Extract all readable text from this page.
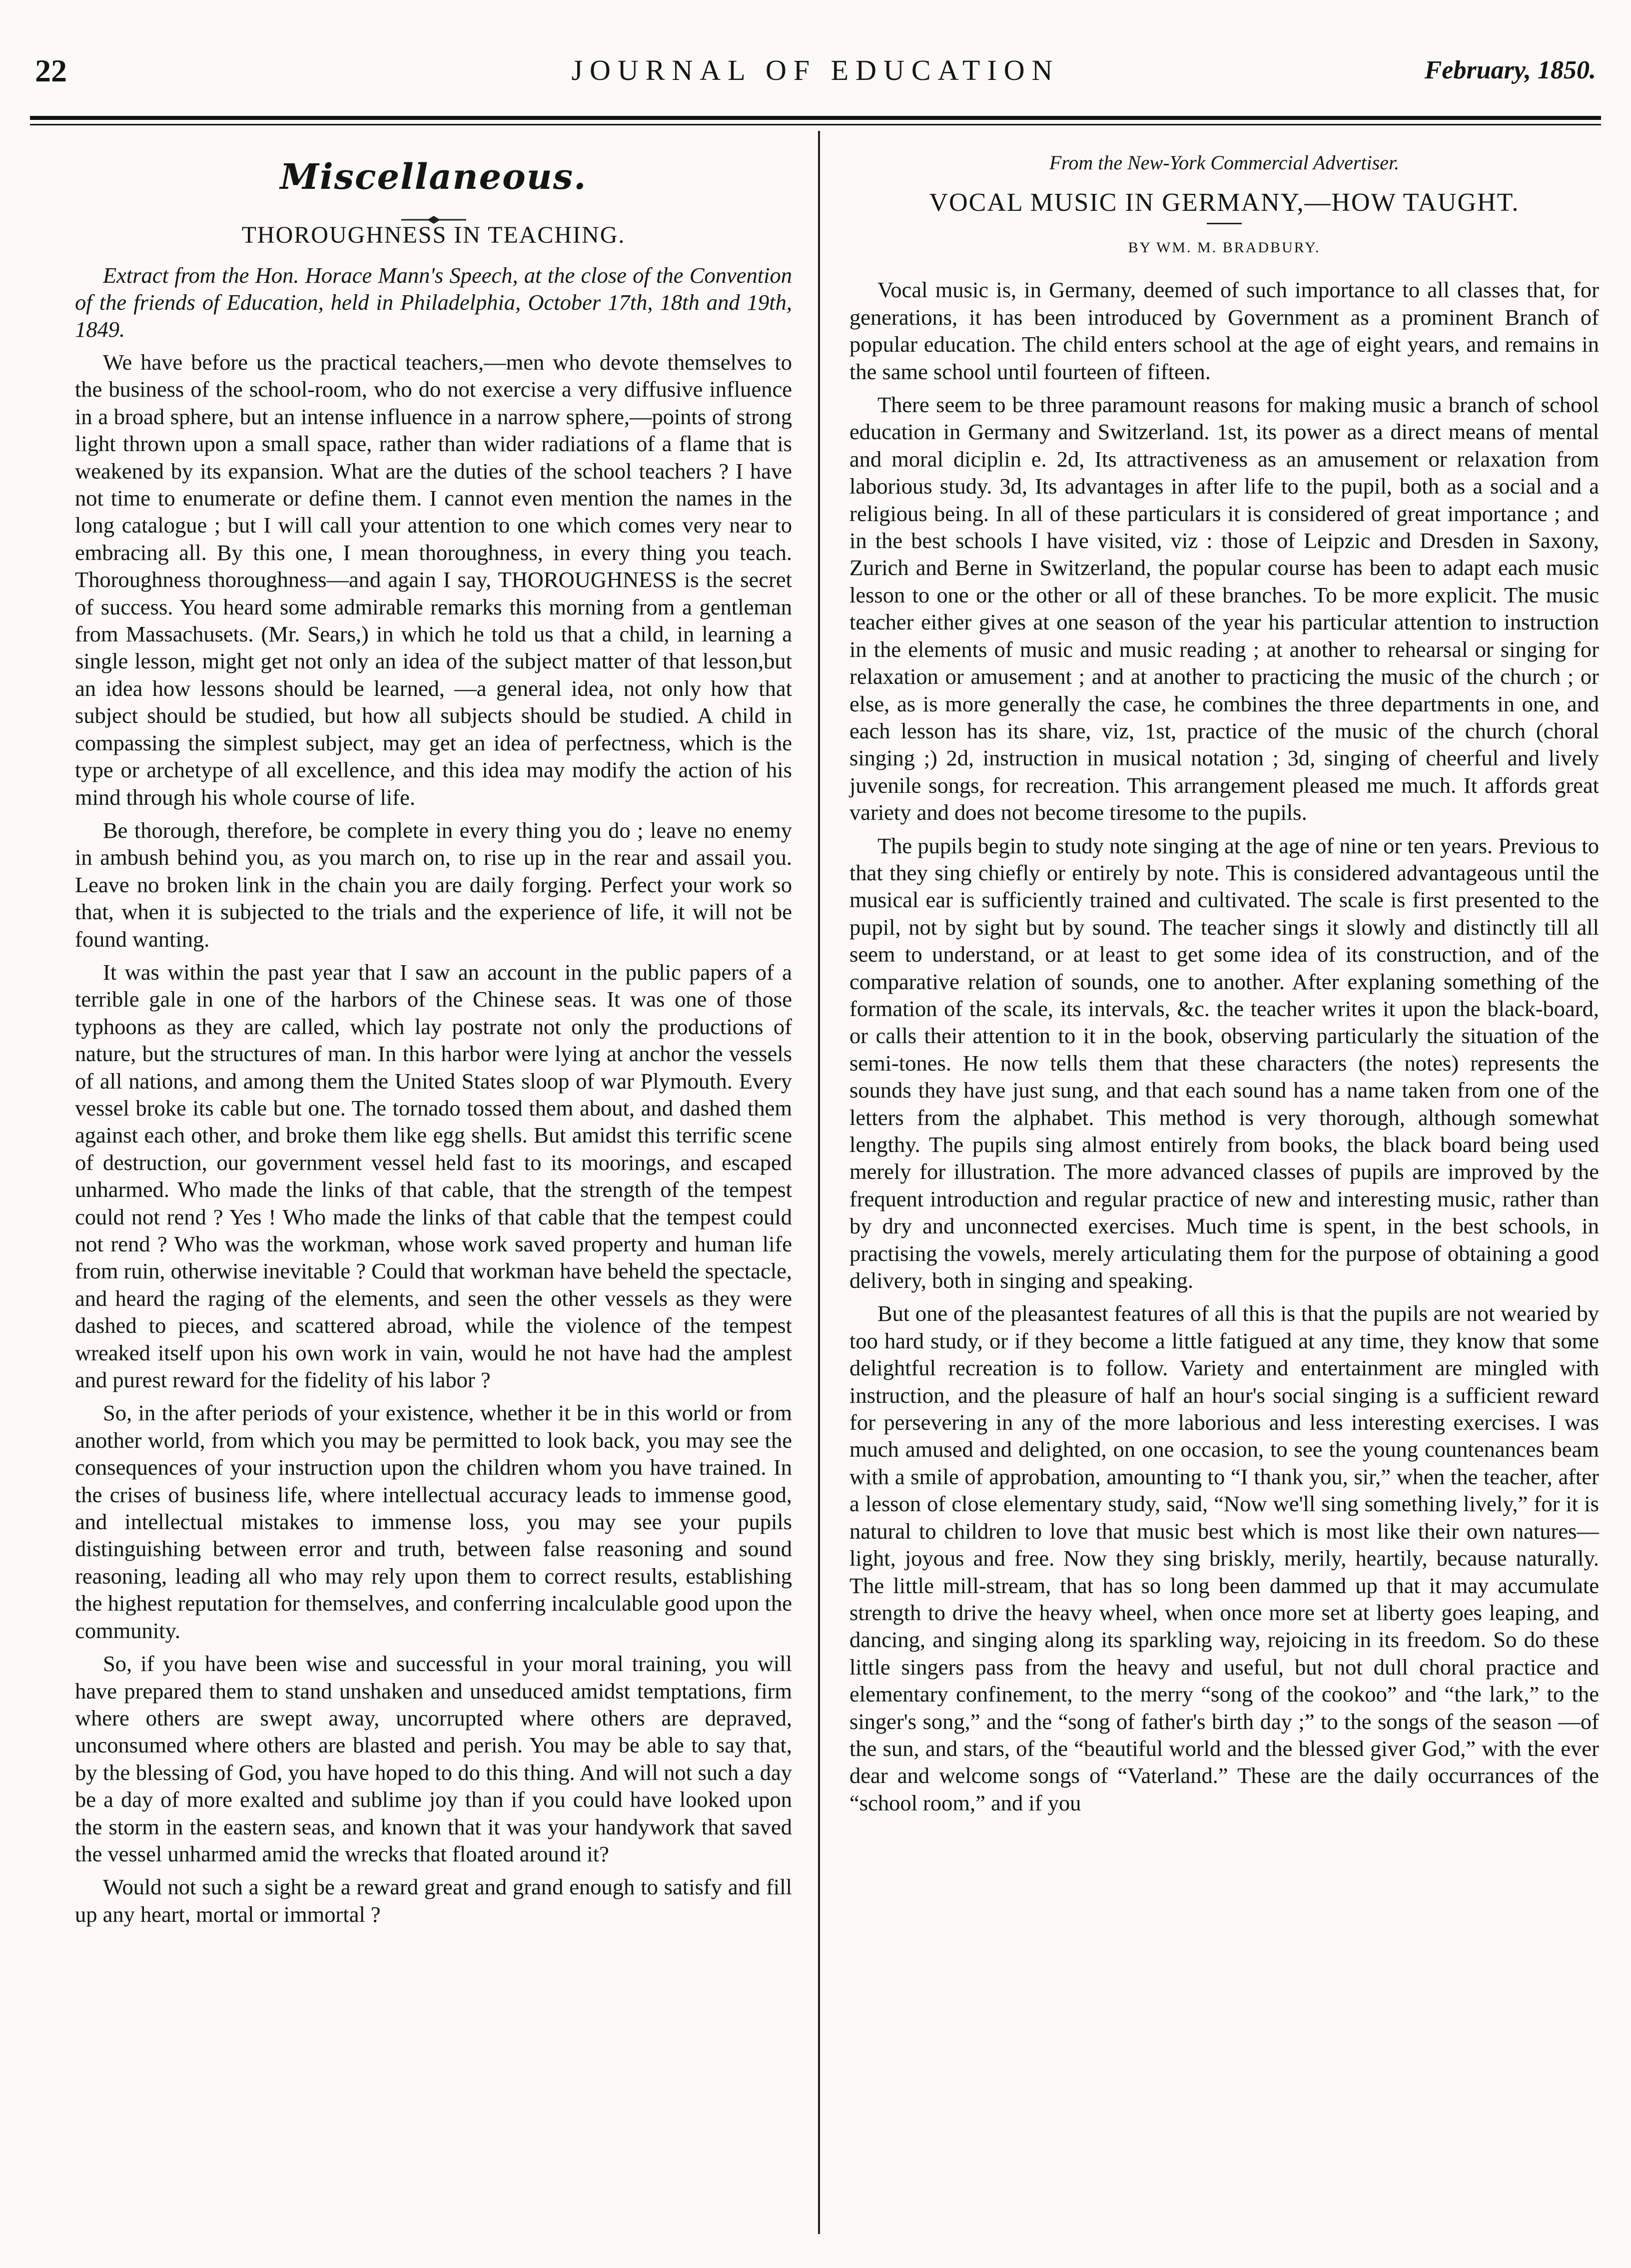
22	JOURNAL OF EDUCATION	February, 1850.
Miscellaneous.
THOROUGHNESS IN TEACHING.

Extract from the Hon. Horace Mann's Speech, at the close of the Convention of the friends of Education, held in Philadelphia, October 17th, 18th and 19th, 1849.

We have before us the practical teachers,—men who devote themselves to the business of the school-room, who do not exercise a very diffusive influence in a broad sphere, but an intense influence in a narrow sphere,—points of strong light thrown upon a small space, rather than wider radiations of a flame that is weakened by its expansion. What are the duties of the school teachers ? I have not time to enumerate or define them. I cannot even mention the names in the long catalogue ; but I will call your attention to one which comes very near to embracing all. By this one, I mean thoroughness, in every thing you teach. Thoroughness thoroughness—and again I say, THOROUGHNESS is the secret of success. You heard some admirable remarks this morning from a gentleman from Massachusets. (Mr. Sears,) in which he told us that a child, in learning a single lesson, might get not only an idea of the subject matter of that lesson,but an idea how lessons should be learned, —a general idea, not only how that subject should be studied, but how all subjects should be studied. A child in compassing the simplest subject, may get an idea of perfectness, which is the type or archetype of all excellence, and this idea may modify the action of his mind through his whole course of life.

Be thorough, therefore, be complete in every thing you do ; leave no enemy in ambush behind you, as you march on, to rise up in the rear and assail you. Leave no broken link in the chain you are daily forging. Perfect your work so that, when it is subjected to the trials and the experience of life, it will not be found wanting.

It was within the past year that I saw an account in the public papers of a terrible gale in one of the harbors of the Chinese seas. It was one of those typhoons as they are called, which lay postrate not only the productions of nature, but the structures of man. In this harbor were lying at anchor the vessels of all nations, and among them the United States sloop of war Plymouth. Every vessel broke its cable but one. The tornado tossed them about, and dashed them against each other, and broke them like egg shells. But amidst this terrific scene of destruction, our government vessel held fast to its moorings, and escaped unharmed. Who made the links of that cable, that the strength of the tempest could not rend ? Yes ! Who made the links of that cable that the tempest could not rend ? Who was the workman, whose work saved property and human life from ruin, otherwise inevitable ? Could that workman have beheld the spectacle, and heard the raging of the elements, and seen the other vessels as they were dashed to pieces, and scattered abroad, while the violence of the tempest wreaked itself upon his own work in vain, would he not have had the amplest and purest reward for the fidelity of his labor ?

So, in the after periods of your existence, whether it be in this world or from another world, from which you may be permitted to look back, you may see the consequences of your instruction upon the children whom you have trained. In the crises of business life, where intellectual accuracy leads to immense good, and intellectual mistakes to immense loss, you may see your pupils distinguishing between error and truth, between false reasoning and sound reasoning, leading all who may rely upon them to correct results, establishing the highest reputation for themselves, and conferring incalculable good upon the community.

So, if you have been wise and successful in your moral training, you will have prepared them to stand unshaken and unseduced amidst temptations, firm where others are swept away, uncorrupted where others are depraved, unconsumed where others are blasted and perish. You may be able to say that, by the blessing of God, you have hoped to do this thing. And will not such a day be a day of more exalted and sublime joy than if you could have looked upon the storm in the eastern seas, and known that it was your handywork that saved the vessel unharmed amid the wrecks that floated around it?

Would not such a sight be a reward great and grand enough to satisfy and fill up any heart, mortal or immortal ?

From the New-York Commercial Advertiser.
VOCAL MUSIC IN GERMANY,—HOW TAUGHT.
BY WM. M. BRADBURY.

Vocal music is, in Germany, deemed of such importance to all classes that, for generations, it has been introduced by Government as a prominent Branch of popular education. The child enters school at the age of eight years, and remains in the same school until fourteen of fifteen.

There seem to be three paramount reasons for making music a branch of school education in Germany and Switzerland. 1st, its power as a direct means of mental and moral diciplin e. 2d, Its attractiveness as an amusement or relaxation from laborious study. 3d, Its advantages in after life to the pupil, both as a social and a religious being. In all of these particulars it is considered of great importance ; and in the best schools I have visited, viz : those of Leipzic and Dresden in Saxony, Zurich and Berne in Switzerland, the popular course has been to adapt each music lesson to one or the other or all of these branches. To be more explicit. The music teacher either gives at one season of the year his particular attention to instruction in the elements of music and music reading ; at another to rehearsal or singing for relaxation or amusement ; and at another to practicing the music of the church ; or else, as is more generally the case, he combines the three departments in one, and each lesson has its share, viz, 1st, practice of the music of the church (choral singing ;) 2d, instruction in musical notation ; 3d, singing of cheerful and lively juvenile songs, for recreation. This arrangement pleased me much. It affords great variety and does not become tiresome to the pupils.

The pupils begin to study note singing at the age of nine or ten years. Previous to that they sing chiefly or entirely by note. This is considered advantageous until the musical ear is sufficiently trained and cultivated. The scale is first presented to the pupil, not by sight but by sound. The teacher sings it slowly and distinctly till all seem to understand, or at least to get some idea of its construction, and of the comparative relation of sounds, one to another. After explaning something of the formation of the scale, its intervals, &c. the teacher writes it upon the black-board, or calls their attention to it in the book, observing particularly the situation of the semi-tones. He now tells them that these characters (the notes) represents the sounds they have just sung, and that each sound has a name taken from one of the letters from the alphabet. This method is very thorough, although somewhat lengthy. The pupils sing almost entirely from books, the black board being used merely for illustration. The more advanced classes of pupils are improved by the frequent introduction and regular practice of new and interesting music, rather than by dry and unconnected exercises. Much time is spent, in the best schools, in practising the vowels, merely articulating them for the purpose of obtaining a good delivery, both in singing and speaking.

But one of the pleasantest features of all this is that the pupils are not wearied by too hard study, or if they become a little fatigued at any time, they know that some delightful recreation is to follow. Variety and entertainment are mingled with instruction, and the pleasure of half an hour's social singing is a sufficient reward for persevering in any of the more laborious and less interesting exercises. I was much amused and delighted, on one occasion, to see the young countenances beam with a smile of approbation, amounting to “I thank you, sir,” when the teacher, after a lesson of close elementary study, said, “Now we'll sing something lively,” for it is natural to children to love that music best which is most like their own natures—light, joyous and free. Now they sing briskly, merily, heartily, because naturally. The little mill-stream, that has so long been dammed up that it may accumulate strength to drive the heavy wheel, when once more set at liberty goes leaping, and dancing, and singing along its sparkling way, rejoicing in its freedom. So do these little singers pass from the heavy and useful, but not dull choral practice and elementary confinement, to the merry “song of the cookoo” and “the lark,” to the singer's song,” and the “song of father's birth day ;” to the songs of the season —of the sun, and stars, of the “beautiful world and the blessed giver God,” with the ever dear and welcome songs of “Vaterland.” These are the daily occurrances of the “school room,” and if you
